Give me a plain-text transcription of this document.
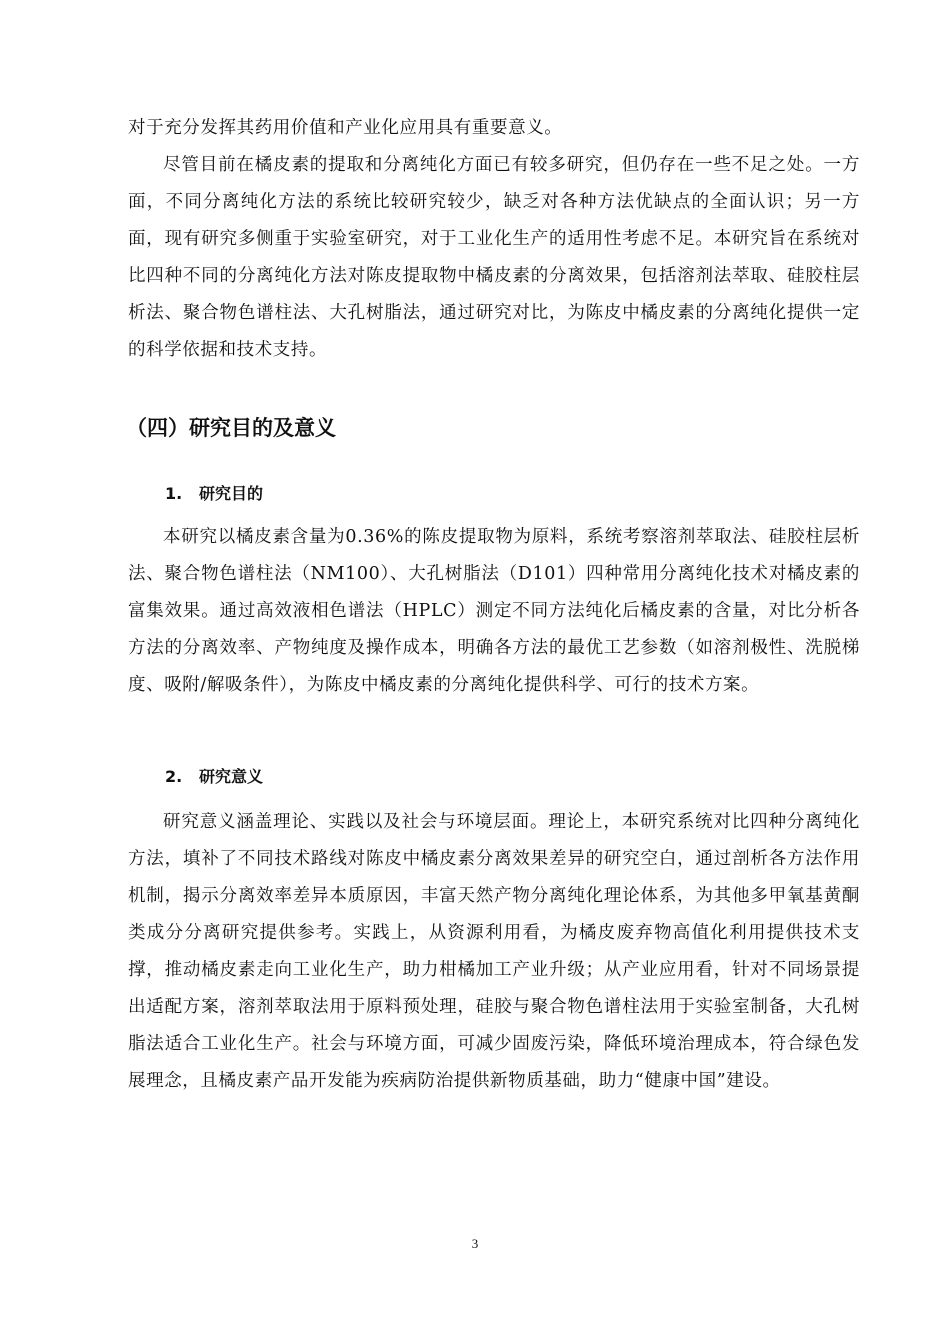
对于充分发挥其药用价值和产业化应用具有重要意义。

尽管目前在橘皮素的提取和分离纯化方面已有较多研究，但仍存在一些不足之处。一方面，不同分离纯化方法的系统比较研究较少，缺乏对各种方法优缺点的全面认识；另一方面，现有研究多侧重于实验室研究，对于工业化生产的适用性考虑不足。本研究旨在系统对比四种不同的分离纯化方法对陈皮提取物中橘皮素的分离效果，包括溶剂法萃取、硅胶柱层析法、聚合物色谱柱法、大孔树脂法，通过研究对比，为陈皮中橘皮素的分离纯化提供一定的科学依据和技术支持。

（四）研究目的及意义
1. 研究目的

本研究以橘皮素含量为0.36%的陈皮提取物为原料，系统考察溶剂萃取法、硅胶柱层析法、聚合物色谱柱法（NM100）、大孔树脂法（D101）四种常用分离纯化技术对橘皮素的富集效果。通过高效液相色谱法（HPLC）测定不同方法纯化后橘皮素的含量，对比分析各方法的分离效率、产物纯度及操作成本，明确各方法的最优工艺参数（如溶剂极性、洗脱梯度、吸附/解吸条件），为陈皮中橘皮素的分离纯化提供科学、可行的技术方案。

2. 研究意义

研究意义涵盖理论、实践以及社会与环境层面。理论上，本研究系统对比四种分离纯化方法，填补了不同技术路线对陈皮中橘皮素分离效果差异的研究空白，通过剖析各方法作用机制，揭示分离效率差异本质原因，丰富天然产物分离纯化理论体系，为其他多甲氧基黄酮类成分分离研究提供参考。实践上，从资源利用看，为橘皮废弃物高值化利用提供技术支撑，推动橘皮素走向工业化生产，助力柑橘加工产业升级；从产业应用看，针对不同场景提出适配方案，溶剂萃取法用于原料预处理，硅胶与聚合物色谱柱法用于实验室制备，大孔树脂法适合工业化生产。社会与环境方面，可减少固废污染，降低环境治理成本，符合绿色发展理念，且橘皮素产品开发能为疾病防治提供新物质基础，助力“健康中国”建设。

3
